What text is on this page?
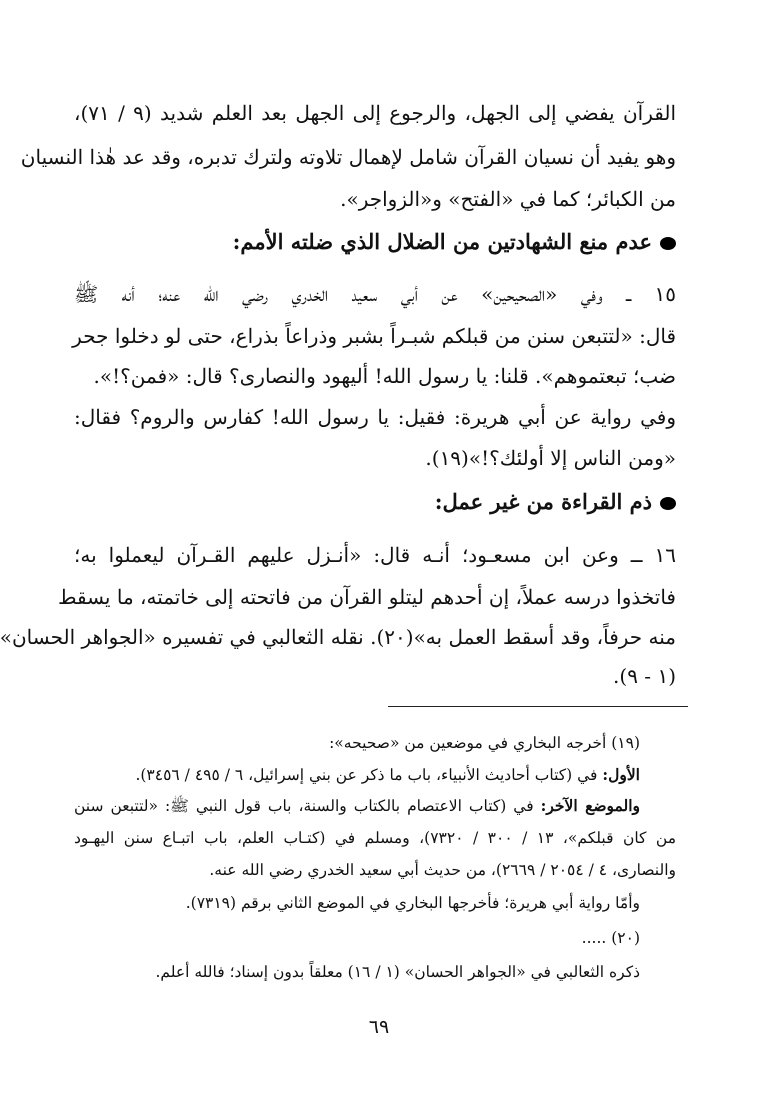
القرآن يفضي إلى الجهل، والرجوع إلى الجهل بعد العلم شديد (٩ / ٧١)،
وهو يفيد أن نسيان القرآن شامل لإهمال تلاوته ولترك تدبره، وقد عد هٰذا النسيان
من الكبائر؛ كما في «الفتح» و«الزواجر».
عدم منع الشهادتين من الضلال الذي ضلته الأمم:
١٥ ــ وفي «الصحيحين» عن أبي سعيد الخدري رضي الله عنه؛ أنه ﷺ
قال: «لتتبعن سنن من قبلكم شبـراً بشبر وذراعاً بذراع، حتى لو دخلوا جحر
ضب؛ تبعتموهم». قلنا: يا رسول الله! أليهود والنصارى؟ قال: «فمن؟!».
وفي رواية عن أبي هريرة: فقيل: يا رسول الله! كفارس والروم؟ فقال:
«ومن الناس إلا أولئك؟!»(١٩).
ذم القراءة من غير عمل:
١٦ ــ وعن ابن مسعـود؛ أنـه قال: «أنـزل عليهم القـرآن ليعملوا به؛
فاتخذوا درسه عملاً، إن أحدهم ليتلو القرآن من فاتحته إلى خاتمته، ما يسقط
منه حرفاً، وقد أسقط العمل به»(٢٠). نقله الثعالبي في تفسيره «الجواهر الحسان»
(١ - ٩).
(١٩) أخرجه البخاري في موضعين من «صحيحه»:
الأول: في (كتاب أحاديث الأنبياء، باب ما ذكر عن بني إسرائيل، ٦ / ٤٩٥ / ٣٤٥٦).
والموضع الآخر: في (كتاب الاعتصام بالكتاب والسنة، باب قول النبي ﷺ: «لتتبعن سنن
من كان قبلكم»، ١٣ / ٣٠٠ / ٧٣٢٠)، ومسلم في (كتـاب العلم، باب اتبـاع سنن اليهـود
والنصارى، ٤ / ٢٠٥٤ / ٢٦٦٩)، من حديث أبي سعيد الخدري رضي الله عنه.
وأمّا رواية أبي هريرة؛ فأخرجها البخاري في الموضع الثاني برقم (٧٣١٩).
(٢٠) .....
ذكره الثعالبي في «الجواهر الحسان» (١ / ١٦) معلقاً بدون إسناد؛ فالله أعلم.
٦٩
